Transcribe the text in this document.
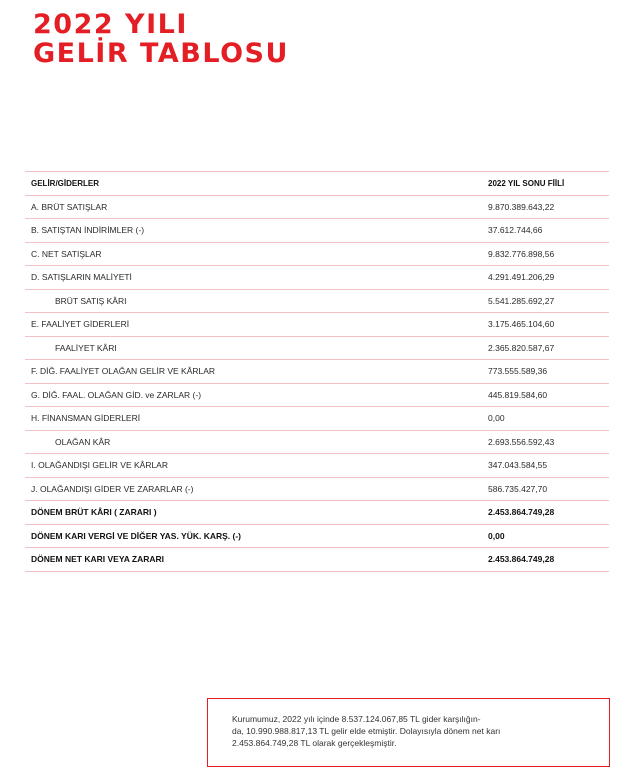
2022 YILI
GELİR TABLOSU
GELİR/GİDERLER	2022 YIL SONU FİİLİ
A. BRÜT SATIŞLAR	9.870.389.643,22
B. SATIŞTAN İNDİRİMLER (-)	37.612.744,66
C. NET SATIŞLAR	9.832.776.898,56
D. SATIŞLARIN MALİYETİ	4.291.491.206,29
BRÜT SATIŞ KÂRI	5.541.285.692,27
E. FAALİYET GİDERLERİ	3.175.465.104,60
FAALİYET KÂRI	2.365.820.587,67
F. DİĞ. FAALİYET OLAĞAN GELİR VE KÂRLAR	773.555.589,36
G. DİĞ. FAAL. OLAĞAN GİD. ve ZARLAR (-)	445.819.584,60
H. FİNANSMAN GİDERLERİ	0,00
OLAĞAN KÂR	2.693.556.592,43
I. OLAĞANDIŞI GELİR VE KÂRLAR	347.043.584,55
J. OLAĞANDIŞI GİDER VE ZARARLAR (-)	586.735.427,70
DÖNEM BRÜT KÂRI ( ZARARI )	2.453.864.749,28
DÖNEM KARI VERGİ VE DİĞER YAS. YÜK. KARŞ. (-)	0,00
DÖNEM NET KARI VEYA ZARARI	2.453.864.749,28
Kurumumuz, 2022 yılı içinde 8.537.124.067,85 TL gider karşılığın-
da, 10.990.988.817,13 TL gelir elde etmiştir. Dolayısıyla dönem net karı
2.453.864.749,28 TL olarak gerçekleşmiştir.
